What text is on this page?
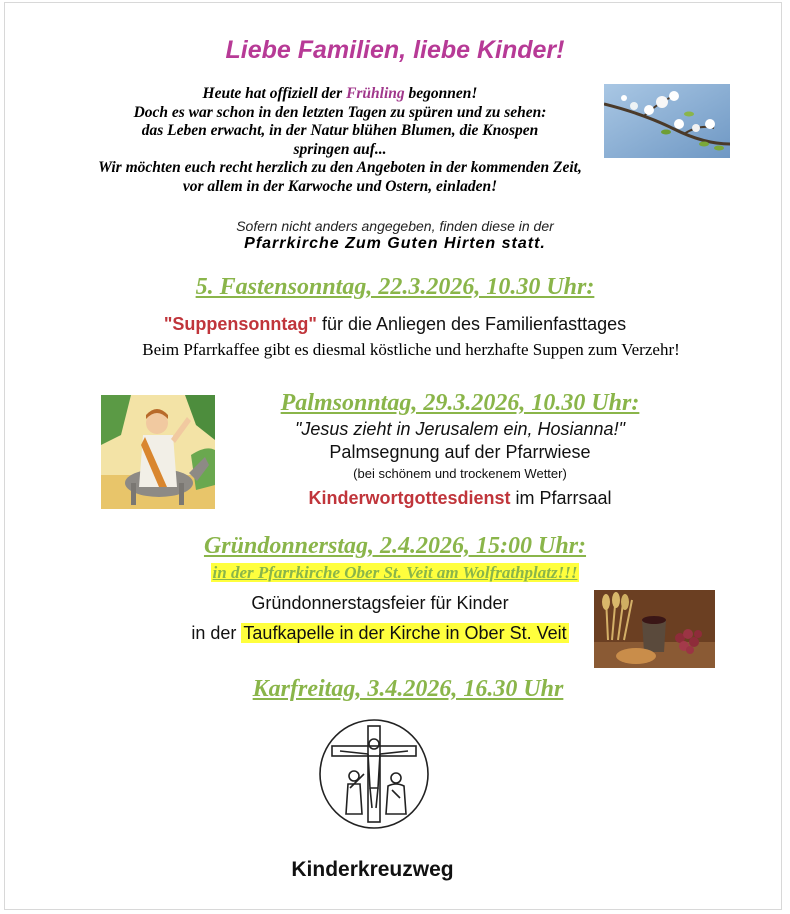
Liebe Familien, liebe Kinder!
Heute hat offiziell der Frühling begonnen!
Doch es war schon in den letzten Tagen zu spüren und zu sehen:
das Leben erwacht, in der Natur blühen Blumen, die Knospen
springen auf...
Wir möchten euch recht herzlich zu den Angeboten in der kommenden Zeit,
vor allem in der Karwoche und Ostern, einladen!
Sofern nicht anders angegeben, finden diese in der
Pfarrkirche Zum Guten Hirten statt.
5. Fastensonntag, 22.3.2026, 10.30 Uhr:
"Suppensonntag" für die Anliegen des Familienfasttages
Beim Pfarrkaffee gibt es diesmal köstliche und herzhafte Suppen zum Verzehr!
Palmsonntag, 29.3.2026, 10.30 Uhr:
"Jesus zieht in Jerusalem ein, Hosianna!"
Palmsegnung auf der Pfarrwiese
(bei schönem und trockenem Wetter)
Kinderwortgottesdienst im Pfarrsaal
Gründonnerstag, 2.4.2026, 15:00 Uhr:
in der Pfarrkirche Ober St. Veit am Wolfrathplatz!!!
Gründonnerstagsfeier für Kinder
in der Taufkapelle in der Kirche in Ober St. Veit
Karfreitag, 3.4.2026, 16.30 Uhr
Kinderkreuzweg
